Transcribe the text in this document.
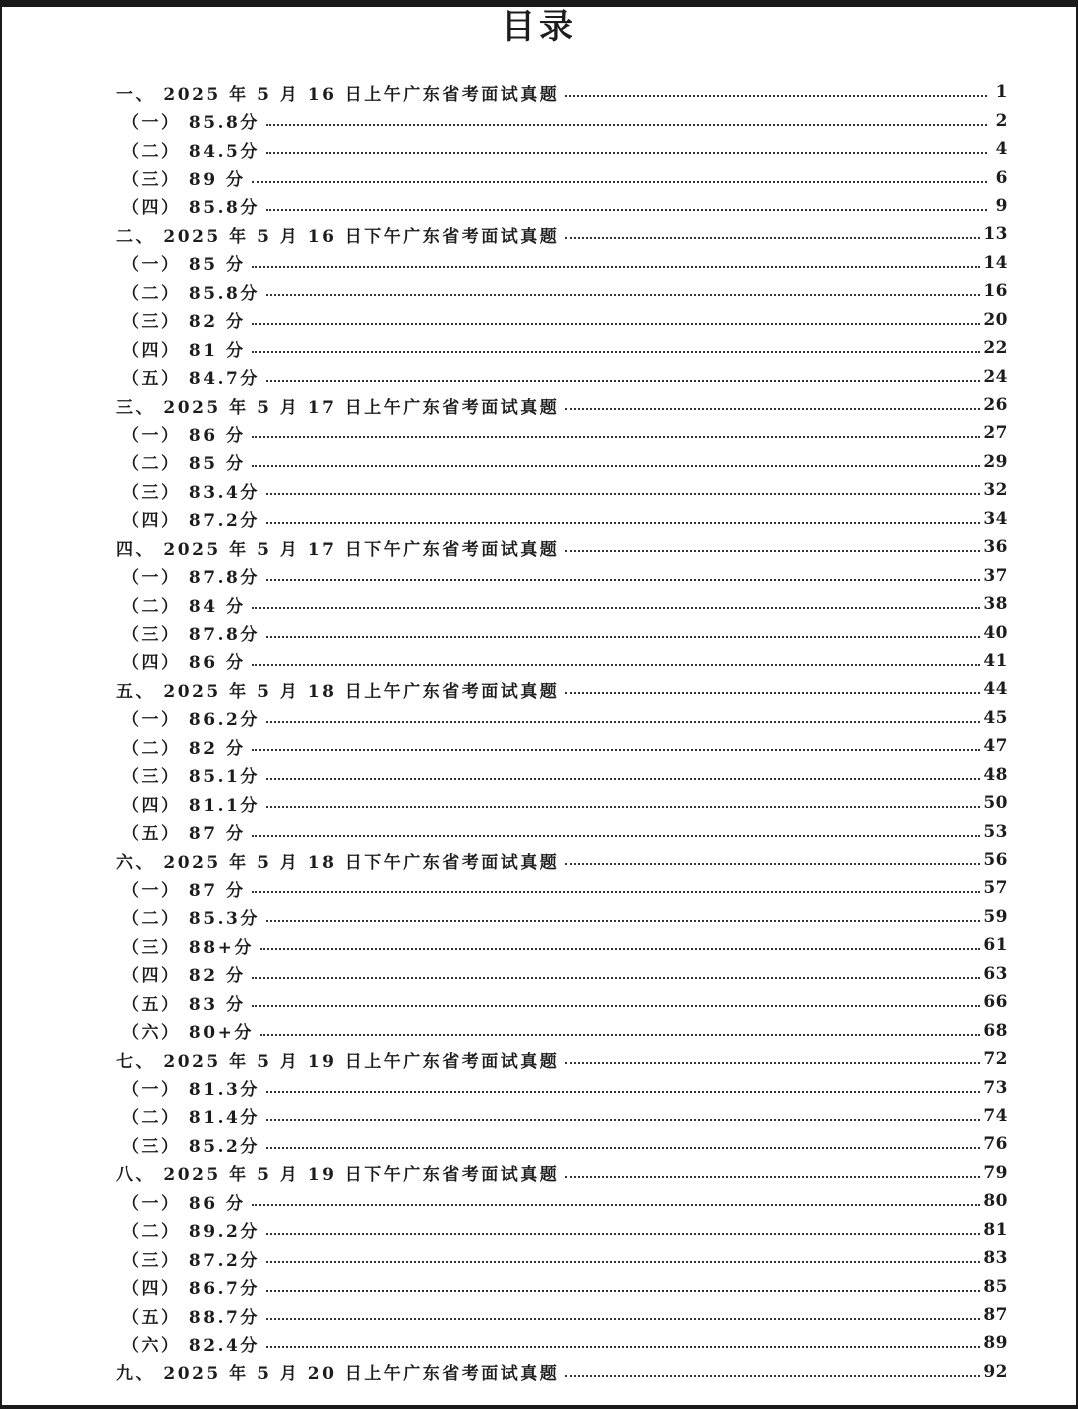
目录
一、 2025 年 5 月 16 日上午广东省考面试真题	1
（一） 85.8分	2
（二） 84.5分	4
（三） 89 分	6
（四） 85.8分	9
二、 2025 年 5 月 16 日下午广东省考面试真题	13
（一） 85 分	14
（二） 85.8分	16
（三） 82 分	20
（四） 81 分	22
（五） 84.7分	24
三、 2025 年 5 月 17 日上午广东省考面试真题	26
（一） 86 分	27
（二） 85 分	29
（三） 83.4分	32
（四） 87.2分	34
四、 2025 年 5 月 17 日下午广东省考面试真题	36
（一） 87.8分	37
（二） 84 分	38
（三） 87.8分	40
（四） 86 分	41
五、 2025 年 5 月 18 日上午广东省考面试真题	44
（一） 86.2分	45
（二） 82 分	47
（三） 85.1分	48
（四） 81.1分	50
（五） 87 分	53
六、 2025 年 5 月 18 日下午广东省考面试真题	56
（一） 87 分	57
（二） 85.3分	59
（三） 88+分	61
（四） 82 分	63
（五） 83 分	66
（六） 80+分	68
七、 2025 年 5 月 19 日上午广东省考面试真题	72
（一） 81.3分	73
（二） 81.4分	74
（三） 85.2分	76
八、 2025 年 5 月 19 日下午广东省考面试真题	79
（一） 86 分	80
（二） 89.2分	81
（三） 87.2分	83
（四） 86.7分	85
（五） 88.7分	87
（六） 82.4分	89
九、 2025 年 5 月 20 日上午广东省考面试真题	92
